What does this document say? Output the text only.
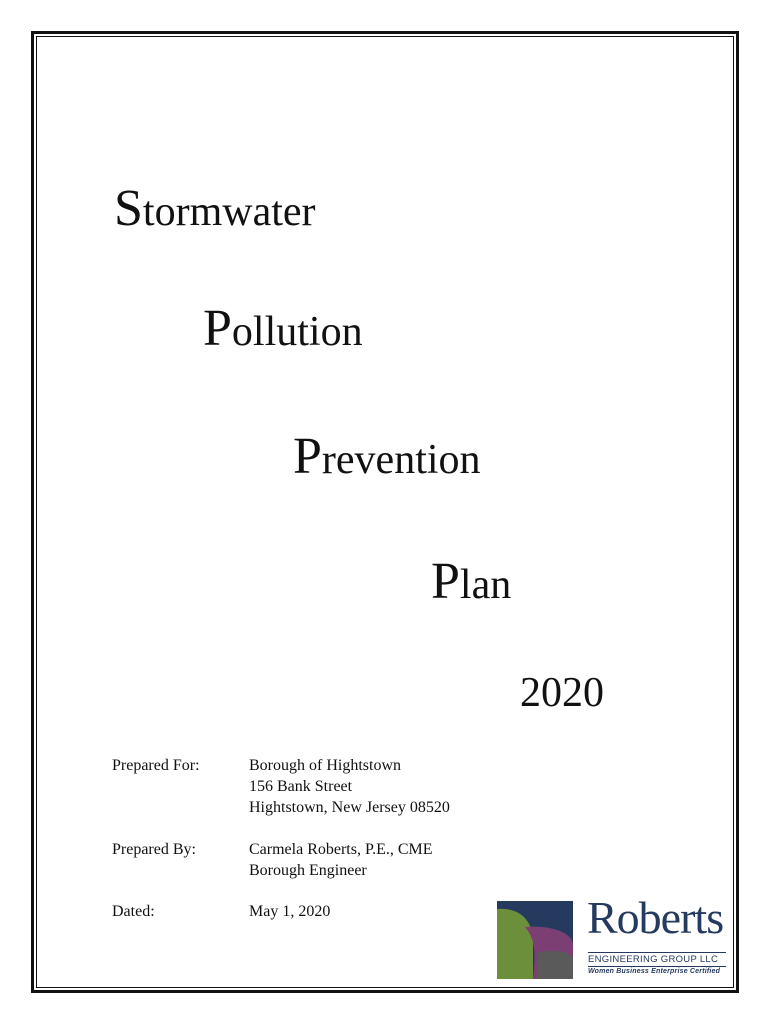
Stormwater
Pollution
Prevention
Plan
2020
Prepared For:	Borough of Hightstown
156 Bank Street
Hightstown, New Jersey 08520
Prepared By:	Carmela Roberts, P.E., CME
Borough Engineer
Dated:	May 1, 2020	Roberts
ENGINEERING GROUP LLC
Women Business Enterprise Certified
